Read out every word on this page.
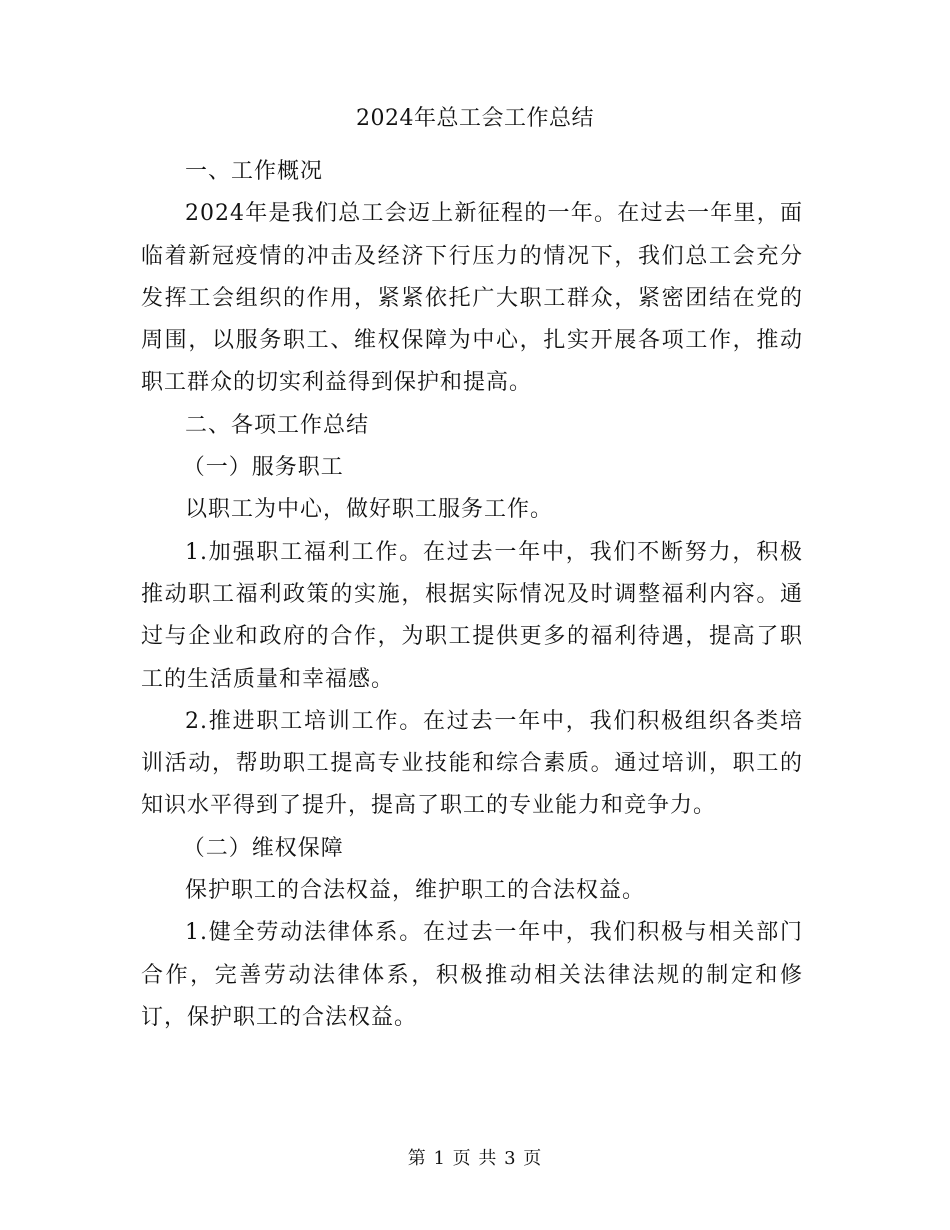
2024年总工会工作总结

一、工作概况

2024年是我们总工会迈上新征程的一年。在过去一年里，面临着新冠疫情的冲击及经济下行压力的情况下，我们总工会充分发挥工会组织的作用，紧紧依托广大职工群众，紧密团结在党的周围，以服务职工、维权保障为中心，扎实开展各项工作，推动职工群众的切实利益得到保护和提高。

二、各项工作总结

（一）服务职工

以职工为中心，做好职工服务工作。

1.加强职工福利工作。在过去一年中，我们不断努力，积极推动职工福利政策的实施，根据实际情况及时调整福利内容。通过与企业和政府的合作，为职工提供更多的福利待遇，提高了职工的生活质量和幸福感。

2.推进职工培训工作。在过去一年中，我们积极组织各类培训活动，帮助职工提高专业技能和综合素质。通过培训，职工的知识水平得到了提升，提高了职工的专业能力和竞争力。

（二）维权保障

保护职工的合法权益，维护职工的合法权益。

1.健全劳动法律体系。在过去一年中，我们积极与相关部门合作，完善劳动法律体系，积极推动相关法律法规的制定和修订，保护职工的合法权益。

第 1 页 共 3 页
